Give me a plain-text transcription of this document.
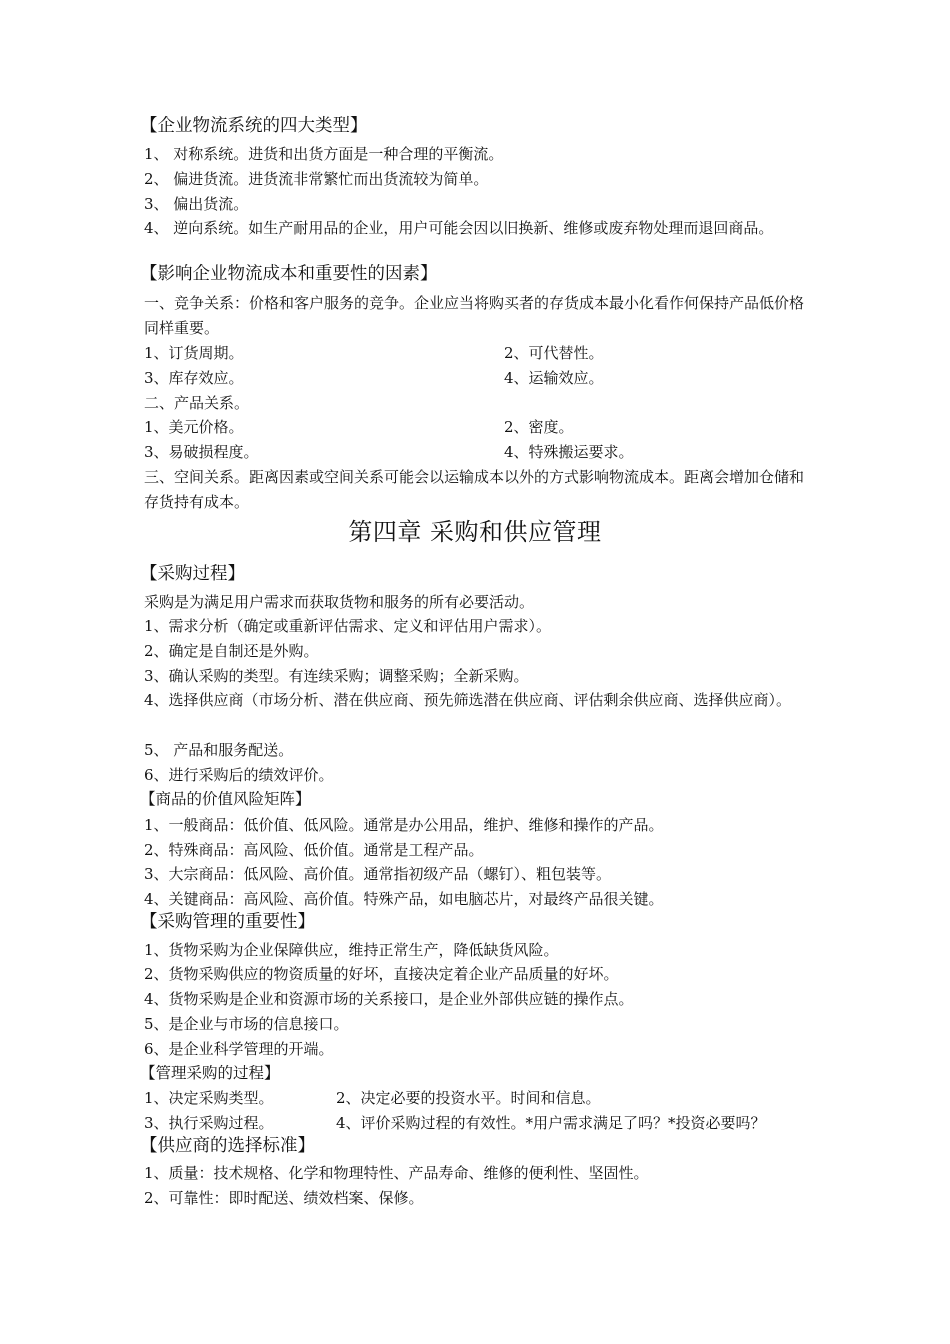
【企业物流系统的四大类型】
1、 对称系统。进货和出货方面是一种合理的平衡流。
2、 偏进货流。进货流非常繁忙而出货流较为简单。
3、 偏出货流。
4、 逆向系统。如生产耐用品的企业，用户可能会因以旧换新、维修或废弃物处理而退回商品。
【影响企业物流成本和重要性的因素】
一、竞争关系：价格和客户服务的竞争。企业应当将购买者的存货成本最小化看作何保持产品低价格同样重要。
1、订货周期。	2、可代替性。
3、库存效应。	4、运输效应。
二、产品关系。
1、美元价格。	2、密度。
3、易破损程度。	4、特殊搬运要求。
三、空间关系。距离因素或空间关系可能会以运输成本以外的方式影响物流成本。距离会增加仓储和存货持有成本。
第四章 采购和供应管理
【采购过程】
采购是为满足用户需求而获取货物和服务的所有必要活动。
1、需求分析（确定或重新评估需求、定义和评估用户需求）。
2、确定是自制还是外购。
3、确认采购的类型。有连续采购；调整采购；全新采购。
4、选择供应商（市场分析、潜在供应商、预先筛选潜在供应商、评估剩余供应商、选择供应商）。
5、 产品和服务配送。
6、进行采购后的绩效评价。
【商品的价值风险矩阵】
1、一般商品：低价值、低风险。通常是办公用品，维护、维修和操作的产品。
2、特殊商品：高风险、低价值。通常是工程产品。
3、大宗商品：低风险、高价值。通常指初级产品（螺钉）、粗包装等。
4、关键商品：高风险、高价值。特殊产品，如电脑芯片，对最终产品很关键。
【采购管理的重要性】
1、货物采购为企业保障供应，维持正常生产，降低缺货风险。
2、货物采购供应的物资质量的好坏，直接决定着企业产品质量的好坏。
4、货物采购是企业和资源市场的关系接口，是企业外部供应链的操作点。
5、是企业与市场的信息接口。
6、是企业科学管理的开端。
【管理采购的过程】
1、决定采购类型。	2、决定必要的投资水平。时间和信息。
3、执行采购过程。	4、评价采购过程的有效性。*用户需求满足了吗？*投资必要吗？
【供应商的选择标准】
1、质量：技术规格、化学和物理特性、产品寿命、维修的便利性、坚固性。
2、可靠性：即时配送、绩效档案、保修。
